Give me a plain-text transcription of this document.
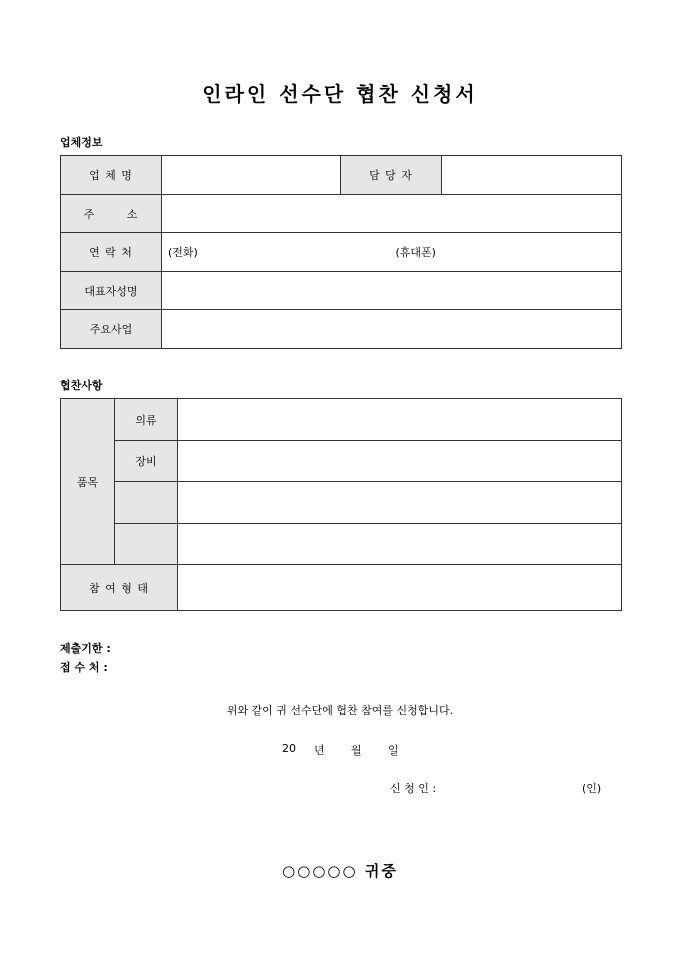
인라인 선수단 협찬 신청서
업체정보
업 체 명		담 당 자	
주       소			
연 락 처	(전화) (휴대폰)		

대표자성명			
주요사업			
협찬사항
품목	의류	
	장비	

참 여 형 태		
제출기한 :
접 수 처 :
위와 같이 귀 선수단에 협찬 참여를 신청합니다.
20 년 월 일
신 청 인 :	(인)
○○○○○ 귀중
